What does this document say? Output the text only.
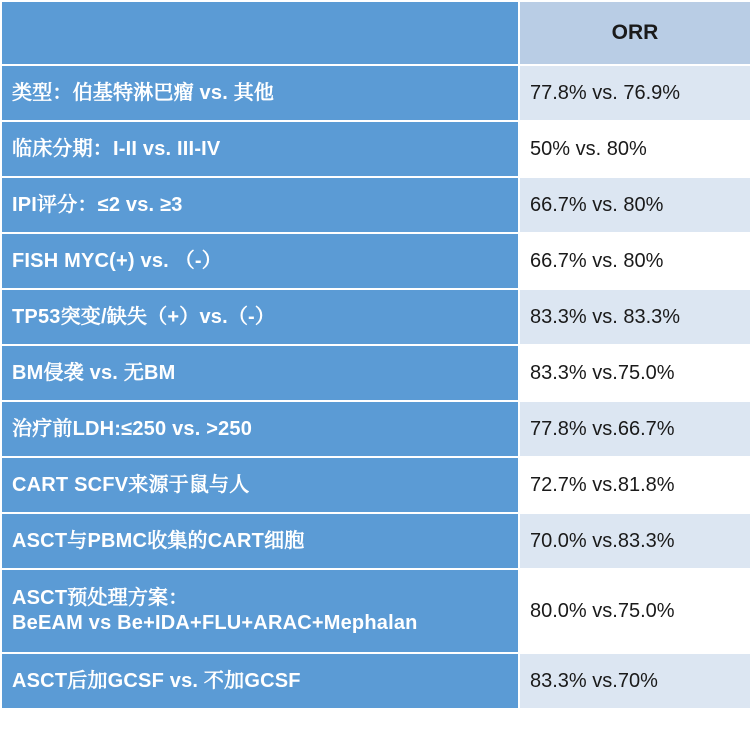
	ORR
类型：伯基特淋巴瘤 vs. 其他	77.8% vs. 76.9%
临床分期：I-II vs. III-IV	50% vs. 80%
IPI评分：≤2 vs. ≥3	66.7% vs. 80%
FISH MYC(+) vs. （-）	66.7% vs. 80%
TP53突变/缺失（+）vs.（-）	83.3% vs. 83.3%
BM侵袭 vs. 无BM	83.3% vs.75.0%
治疗前LDH:≤250 vs. >250	77.8% vs.66.7%
CART SCFV来源于鼠与人	72.7% vs.81.8%
ASCT与PBMC收集的CART细胞	70.0% vs.83.3%
ASCT预处理方案：
BeEAM vs Be+IDA+FLU+ARAC+Mephalan	80.0% vs.75.0%
ASCT后加GCSF vs. 不加GCSF	83.3% vs.70%
